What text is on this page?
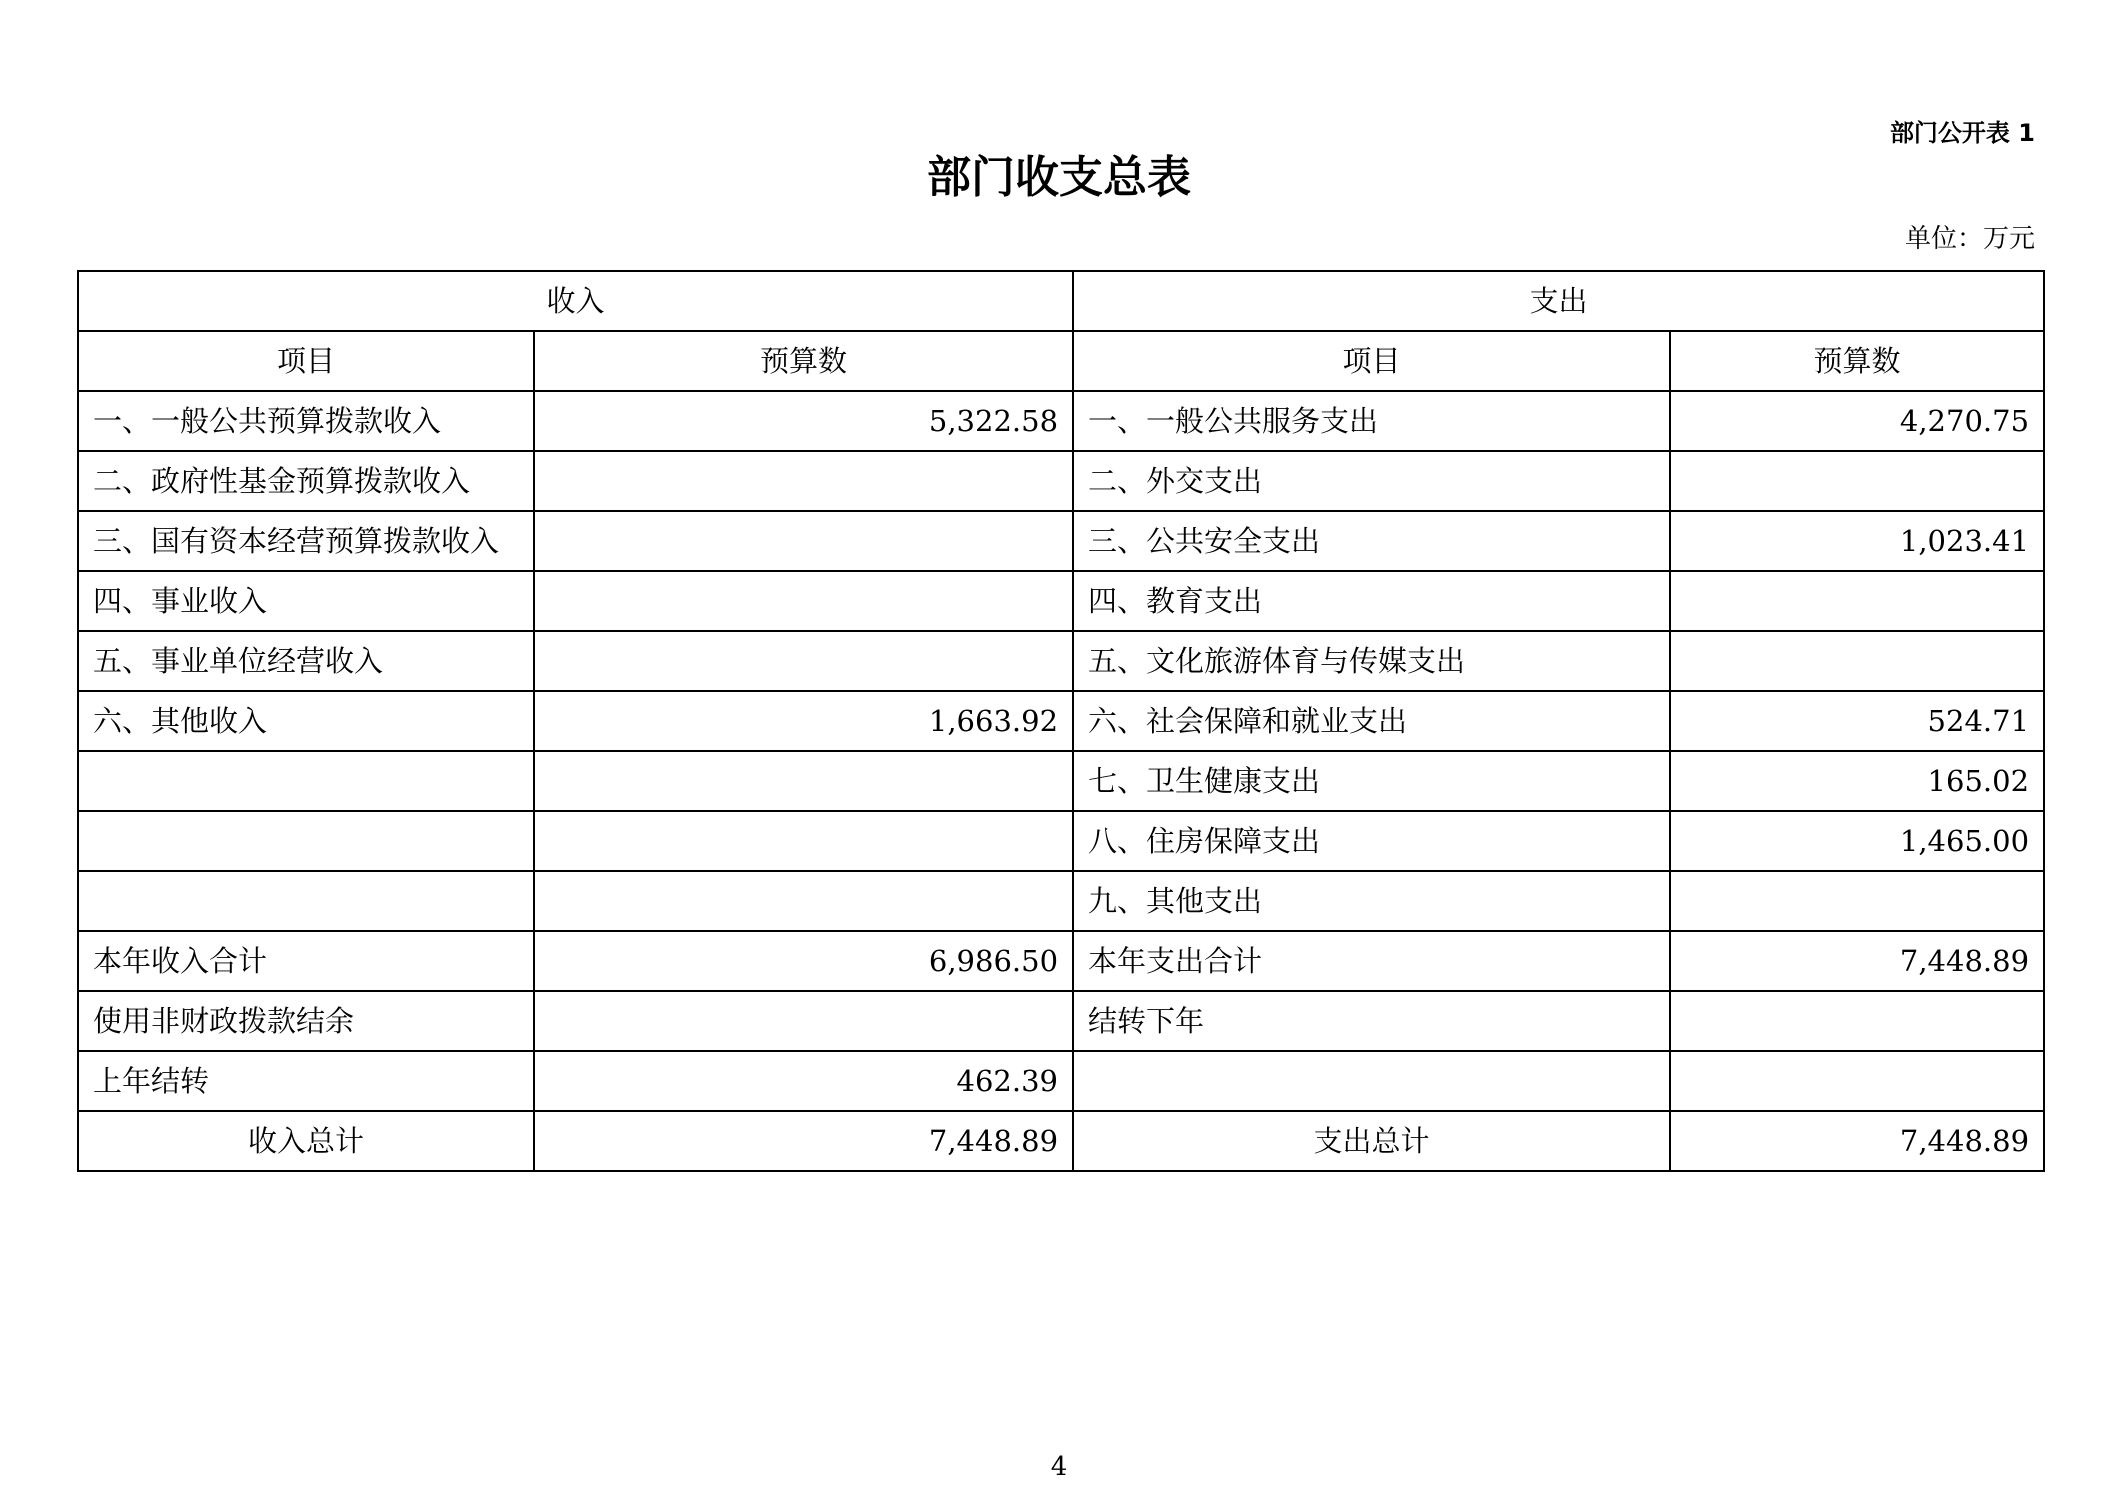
部门公开表 1
部门收支总表
单位：万元
收入		支出	
项目	预算数	项目	预算数
一、一般公共预算拨款收入	5,322.58	一、一般公共服务支出	4,270.75
二、政府性基金预算拨款收入		二、外交支出	
三、国有资本经营预算拨款收入		三、公共安全支出	1,023.41
四、事业收入		四、教育支出	
五、事业单位经营收入		五、文化旅游体育与传媒支出	
六、其他收入	1,663.92	六、社会保障和就业支出	524.71
		七、卫生健康支出	165.02
		八、住房保障支出	1,465.00
		九、其他支出	
本年收入合计	6,986.50	本年支出合计	7,448.89
使用非财政拨款结余		结转下年	
上年结转	462.39		
收入总计	7,448.89	支出总计	7,448.89
4
